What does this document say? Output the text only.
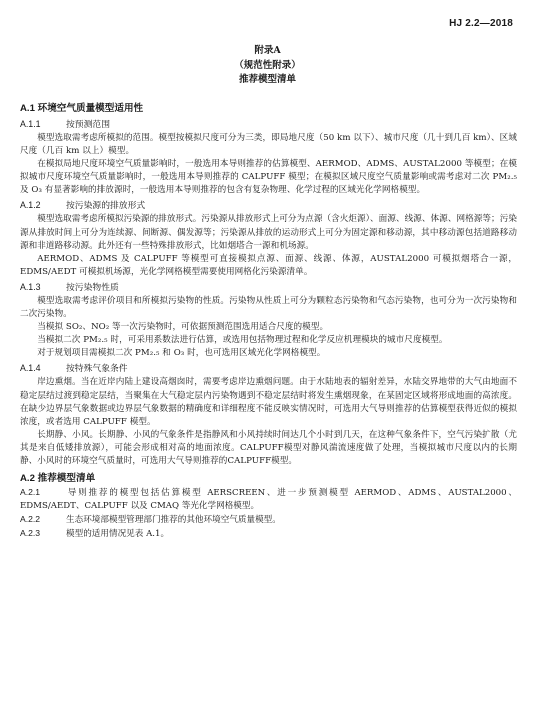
HJ 2.2—2018
附录A
（规范性附录）
推荐模型清单
A.1 环境空气质量模型适用性
A.1.1	按预测范围

模型选取需考虑所模拟的范围。模型按模拟尺度可分为三类，即局地尺度（50 km 以下）、城市尺度（几十到几百 km）、区域尺度（几百 km 以上）模型。

在模拟局地尺度环境空气质量影响时，一般选用本导则推荐的估算模型、AERMOD、ADMS、AUSTAL2000 等模型；在模拟城市尺度环境空气质量影响时，一般选用本导则推荐的 CALPUFF 模型；在模拟区域尺度空气质量影响或需考虑对二次 PM₂.₅ 及 O₃ 有显著影响的排放源时，一般选用本导则推荐的包含有复杂物理、化学过程的区域光化学网格模型。

A.1.2	按污染源的排放形式

模型选取需考虑所模拟污染源的排放形式。污染源从排放形式上可分为点源（含火炬源）、面源、线源、体源、网格源等；污染源从排放时间上可分为连续源、间断源、偶发源等；污染源从排放的运动形式上可分为固定源和移动源，其中移动源包括道路移动源和非道路移动源。此外还有一些特殊排放形式，比如烟塔合一源和机场源。

AERMOD、ADMS 及 CALPUFF 等模型可直接模拟点源、面源、线源、体源，AUSTAL2000 可模拟烟塔合一源，EDMS/AEDT 可模拟机场源，光化学网格模型需要使用网格化污染源清单。

A.1.3	按污染物性质

模型选取需考虑评价项目和所模拟污染物的性质。污染物从性质上可分为颗粒态污染物和气态污染物，也可分为一次污染物和二次污染物。

当模拟 SO₂、NO₂ 等一次污染物时，可依据预测范围选用适合尺度的模型。

当模拟二次 PM₂.₅ 时，可采用系数法进行估算，或选用包括物理过程和化学反应机理模块的城市尺度模型。

对于规划项目需模拟二次 PM₂.₅ 和 O₃ 时，也可选用区域光化学网格模型。

A.1.4	按特殊气象条件

岸边熏烟。当在近岸内陆上建设高烟囱时，需要考虑岸边熏烟问题。由于水陆地表的辐射差异，水陆交界地带的大气由地面不稳定层结过渡到稳定层结，当聚集在大气稳定层内污染物遇到不稳定层结时将发生熏烟现象，在某固定区域将形成地面的高浓度。在缺少边界层气象数据或边界层气象数据的精确度和详细程度不能反映实情况时，可选用大气导则推荐的估算模型获得近似的模拟浓度，或者选用 CALPUFF 模型。

长期静、小风。长期静、小风的气象条件是指静风和小风持续时间达几个小时到几天，在这种气象条件下，空气污染扩散（尤其是来自低矮排放源），可能会形成相对高的地面浓度。CALPUFF模型对静风湍流速度做了处理，当模拟城市尺度以内的长期静、小风时的环境空气质量时，可选用大气导则推荐的CALPUFF模型。

A.2 推荐模型清单
A.2.1	导则推荐的模型包括估算模型 AERSCREEN、进一步预测模型 AERMOD、ADMS、AUSTAL2000、EDMS/AEDT、CALPUFF 以及 CMAQ 等光化学网格模型。
A.2.2	生态环境部模型管理部门推荐的其他环境空气质量模型。
A.2.3	模型的适用情况见表 A.1。
